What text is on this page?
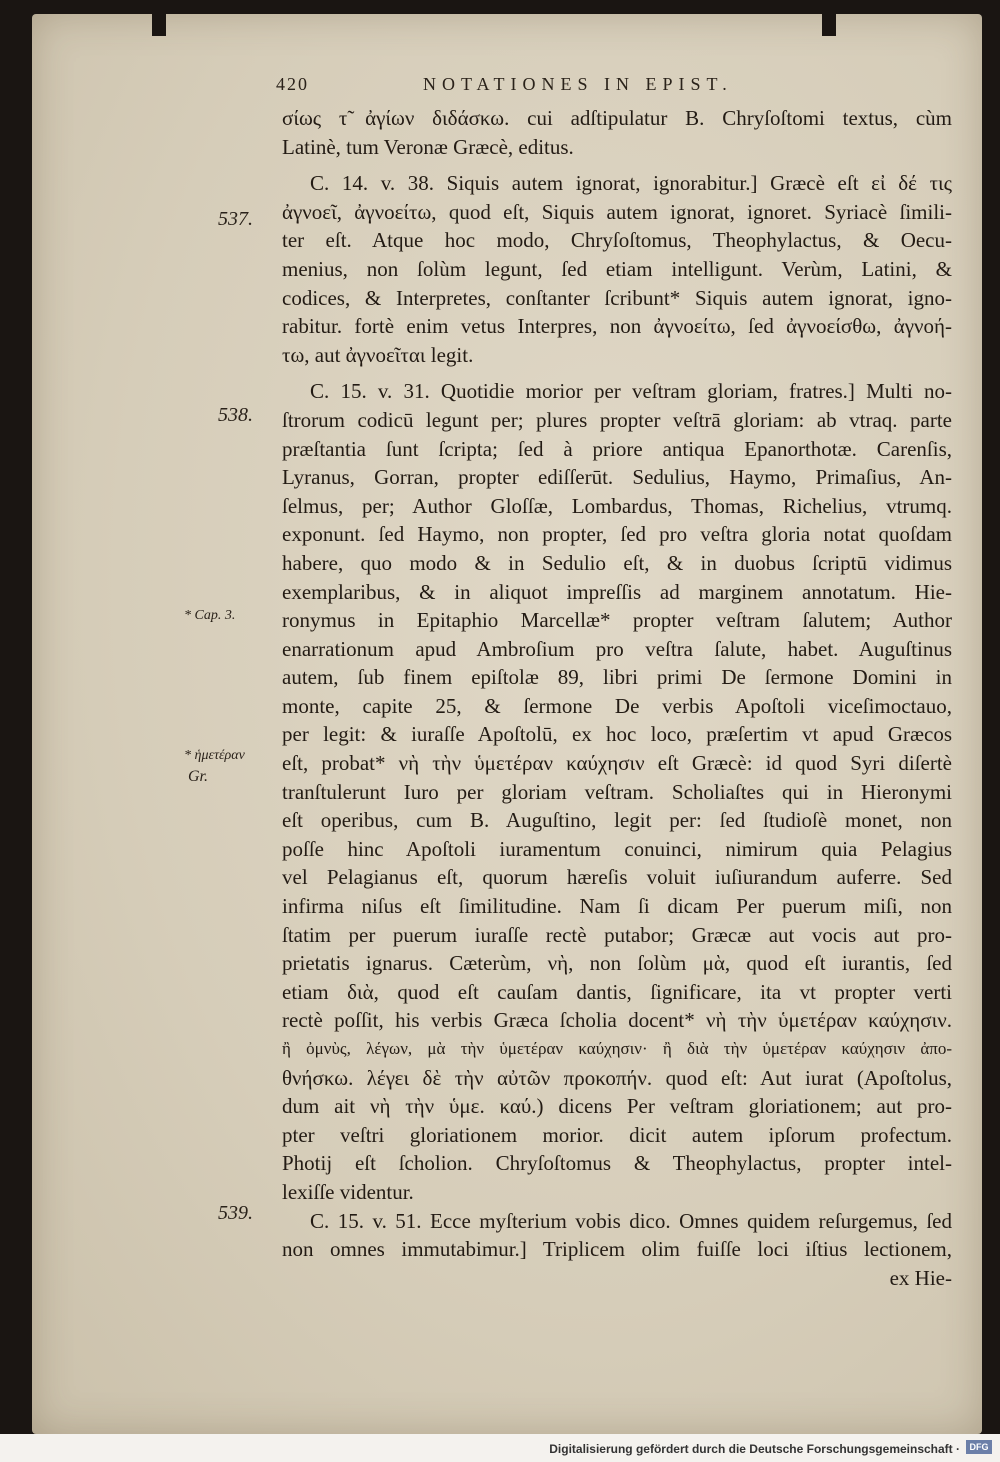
420	NOTATIONES IN EPIST.
537.
538.
* Cap. 3.
* ἡμετέραν
Gr.
539.
σίως τ̃ ἀγίων διδάσκω. cui adſtipulatur B. Chryſoſtomi textus, cùm
Latinè, tum Veronæ Græcè, editus.
C. 14. v. 38. Siquis autem ignorat, ignorabitur.] Græcè eſt εἰ δέ τις
ἀγνοεῖ, ἀγνοείτω, quod eſt, Siquis autem ignorat, ignoret. Syriacè ſimili-
ter eſt. Atque hoc modo, Chryſoſtomus, Theophylactus, & Oecu-
menius, non ſolùm legunt, ſed etiam intelligunt. Verùm, Latini, &
codices, & Interpretes, conſtanter ſcribunt* Siquis autem ignorat, igno-
rabitur. fortè enim vetus Interpres, non ἀγνοείτω, ſed ἀγνοείσθω, ἀγνοή-
τω, aut ἀγνοεῖται legit.
C. 15. v. 31. Quotidie morior per veſtram gloriam, fratres.] Multi no-
ſtrorum codicū legunt per; plures propter veſtrā gloriam: ab vtraq. parte
præſtantia ſunt ſcripta; ſed à priore antiqua Epanorthotæ. Carenſis,
Lyranus, Gorran, propter ediſſerūt. Sedulius, Haymo, Primaſius, An-
ſelmus, per; Author Gloſſæ, Lombardus, Thomas, Richelius, vtrumq.
exponunt. ſed Haymo, non propter, ſed pro veſtra gloria notat quoſdam
habere, quo modo & in Sedulio eſt, & in duobus ſcriptū vidimus
exemplaribus, & in aliquot impreſſis ad marginem annotatum. Hie-
ronymus in Epitaphio Marcellæ* propter veſtram ſalutem; Author
enarrationum apud Ambroſium pro veſtra ſalute, habet. Auguſtinus
autem, ſub finem epiſtolæ 89, libri primi De ſermone Domini in
monte, capite 25, & ſermone De verbis Apoſtoli viceſimoctauo,
per legit: & iuraſſe Apoſtolū, ex hoc loco, præſertim vt apud Græcos
eſt, probat* νὴ τὴν ὑμετέραν καύχησιν eſt Græcè: id quod Syri diſertè
tranſtulerunt Iuro per gloriam veſtram. Scholiaſtes qui in Hieronymi
eſt operibus, cum B. Auguſtino, legit per: ſed ſtudioſè monet, non
poſſe hinc Apoſtoli iuramentum conuinci, nimirum quia Pelagius
vel Pelagianus eſt, quorum hæreſis voluit iuſiurandum auferre. Sed
infirma niſus eſt ſimilitudine. Nam ſi dicam Per puerum miſi, non
ſtatim per puerum iuraſſe rectè putabor; Græcæ aut vocis aut pro-
prietatis ignarus. Cæterùm, νὴ, non ſolùm μὰ, quod eſt iurantis, ſed
etiam διὰ, quod eſt cauſam dantis, ſignificare, ita vt propter verti
rectè poſſit, his verbis Græca ſcholia docent* νὴ τὴν ὑμετέραν καύχησιν.
ἢ ὀμνὺς, λέγων, μὰ τὴν ὑμετέραν καύχησιν· ἢ διὰ τὴν ὑμετέραν καύχησιν ἀπο-
θνήσκω. λέγει δὲ τὴν αὐτῶν προκοπήν. quod eſt: Aut iurat (Apoſtolus,
dum ait νὴ τὴν ὑμε. καύ.) dicens Per veſtram gloriationem; aut pro-
pter veſtri gloriationem morior. dicit autem ipſorum profectum.
Photij eſt ſcholion. Chryſoſtomus & Theophylactus, propter intel-
lexiſſe videntur.
C. 15. v. 51. Ecce myſterium vobis dico. Omnes quidem reſurgemus, ſed
non omnes immutabimur.] Triplicem olim fuiſſe loci iſtius lectionem,
ex Hie-
Digitalisierung gefördert durch die Deutsche Forschungsgemeinschaft ·	DFG
